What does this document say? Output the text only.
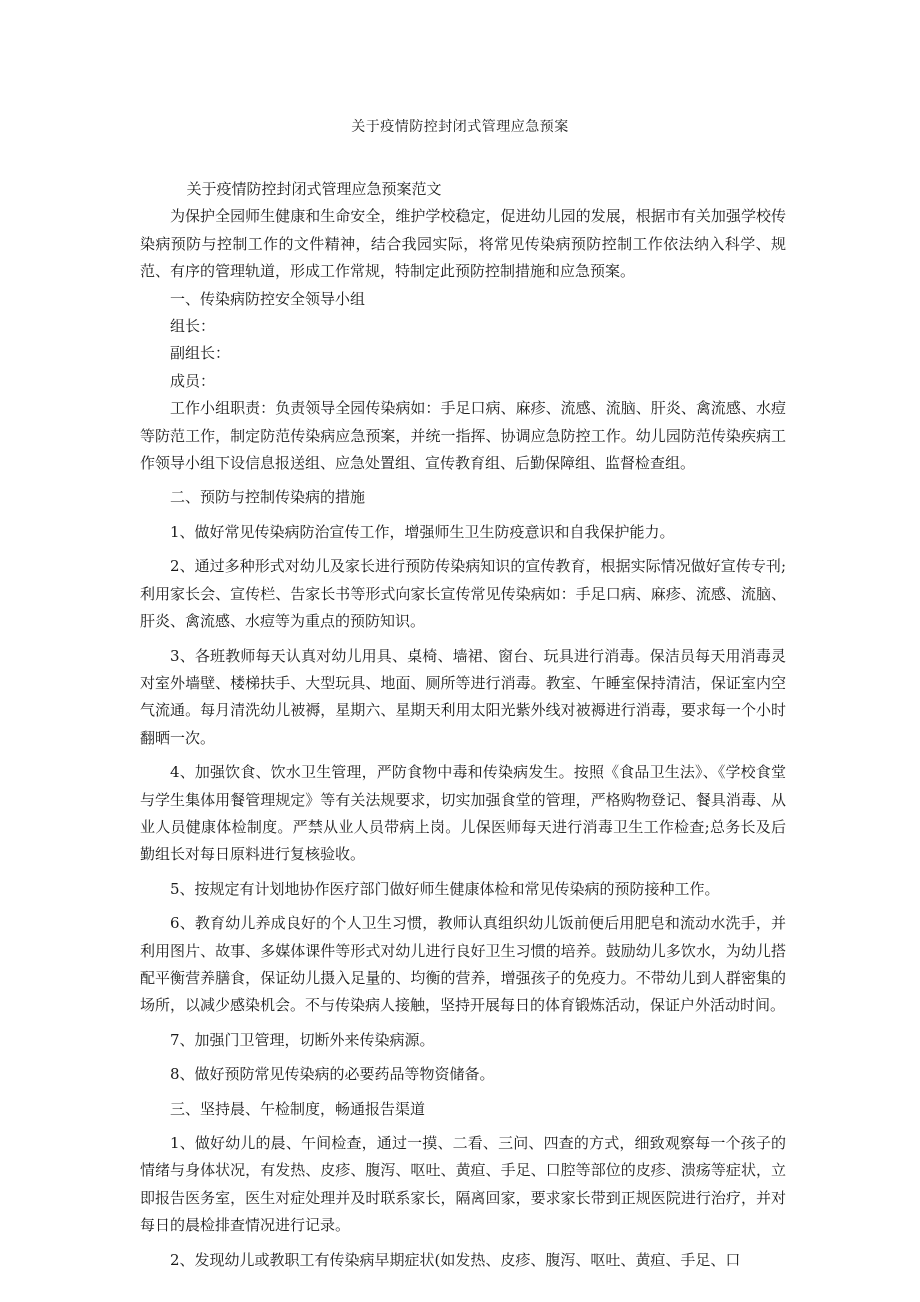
关于疫情防控封闭式管理应急预案

关于疫情防控封闭式管理应急预案范文

为保护全园师生健康和生命安全，维护学校稳定，促进幼儿园的发展，根据市有关加强学校传染病预防与控制工作的文件精神，结合我园实际，将常见传染病预防控制工作依法纳入科学、规范、有序的管理轨道，形成工作常规，特制定此预防控制措施和应急预案。

一、传染病防控安全领导小组

组长：

副组长：

成员：

工作小组职责：负责领导全园传染病如：手足口病、麻疹、流感、流脑、肝炎、禽流感、水痘等防范工作，制定防范传染病应急预案，并统一指挥、协调应急防控工作。幼儿园防范传染疾病工作领导小组下设信息报送组、应急处置组、宣传教育组、后勤保障组、监督检查组。

二、预防与控制传染病的措施

1、做好常见传染病防治宣传工作，增强师生卫生防疫意识和自我保护能力。

2、通过多种形式对幼儿及家长进行预防传染病知识的宣传教育，根据实际情况做好宣传专刊;利用家长会、宣传栏、告家长书等形式向家长宣传常见传染病如：手足口病、麻疹、流感、流脑、肝炎、禽流感、水痘等为重点的预防知识。

3、各班教师每天认真对幼儿用具、桌椅、墙裙、窗台、玩具进行消毒。保洁员每天用消毒灵对室外墙壁、楼梯扶手、大型玩具、地面、厕所等进行消毒。教室、午睡室保持清洁，保证室内空气流通。每月清洗幼儿被褥，星期六、星期天利用太阳光紫外线对被褥进行消毒，要求每一个小时翻晒一次。

4、加强饮食、饮水卫生管理，严防食物中毒和传染病发生。按照《食品卫生法》、《学校食堂与学生集体用餐管理规定》等有关法规要求，切实加强食堂的管理，严格购物登记、餐具消毒、从业人员健康体检制度。严禁从业人员带病上岗。儿保医师每天进行消毒卫生工作检查;总务长及后勤组长对每日原料进行复核验收。

5、按规定有计划地协作医疗部门做好师生健康体检和常见传染病的预防接种工作。

6、教育幼儿养成良好的个人卫生习惯，教师认真组织幼儿饭前便后用肥皂和流动水洗手，并利用图片、故事、多媒体课件等形式对幼儿进行良好卫生习惯的培养。鼓励幼儿多饮水，为幼儿搭配平衡营养膳食，保证幼儿摄入足量的、均衡的营养，增强孩子的免疫力。不带幼儿到人群密集的场所，以减少感染机会。不与传染病人接触，坚持开展每日的体育锻炼活动，保证户外活动时间。

7、加强门卫管理，切断外来传染病源。

8、做好预防常见传染病的必要药品等物资储备。

三、坚持晨、午检制度，畅通报告渠道

1、做好幼儿的晨、午间检查，通过一摸、二看、三问、四查的方式，细致观察每一个孩子的情绪与身体状况，有发热、皮疹、腹泻、呕吐、黄疸、手足、口腔等部位的皮疹、溃疡等症状，立即报告医务室，医生对症处理并及时联系家长，隔离回家，要求家长带到正规医院进行治疗，并对每日的晨检排查情况进行记录。

2、发现幼儿或教职工有传染病早期症状(如发热、皮疹、腹泻、呕吐、黄疸、手足、口
